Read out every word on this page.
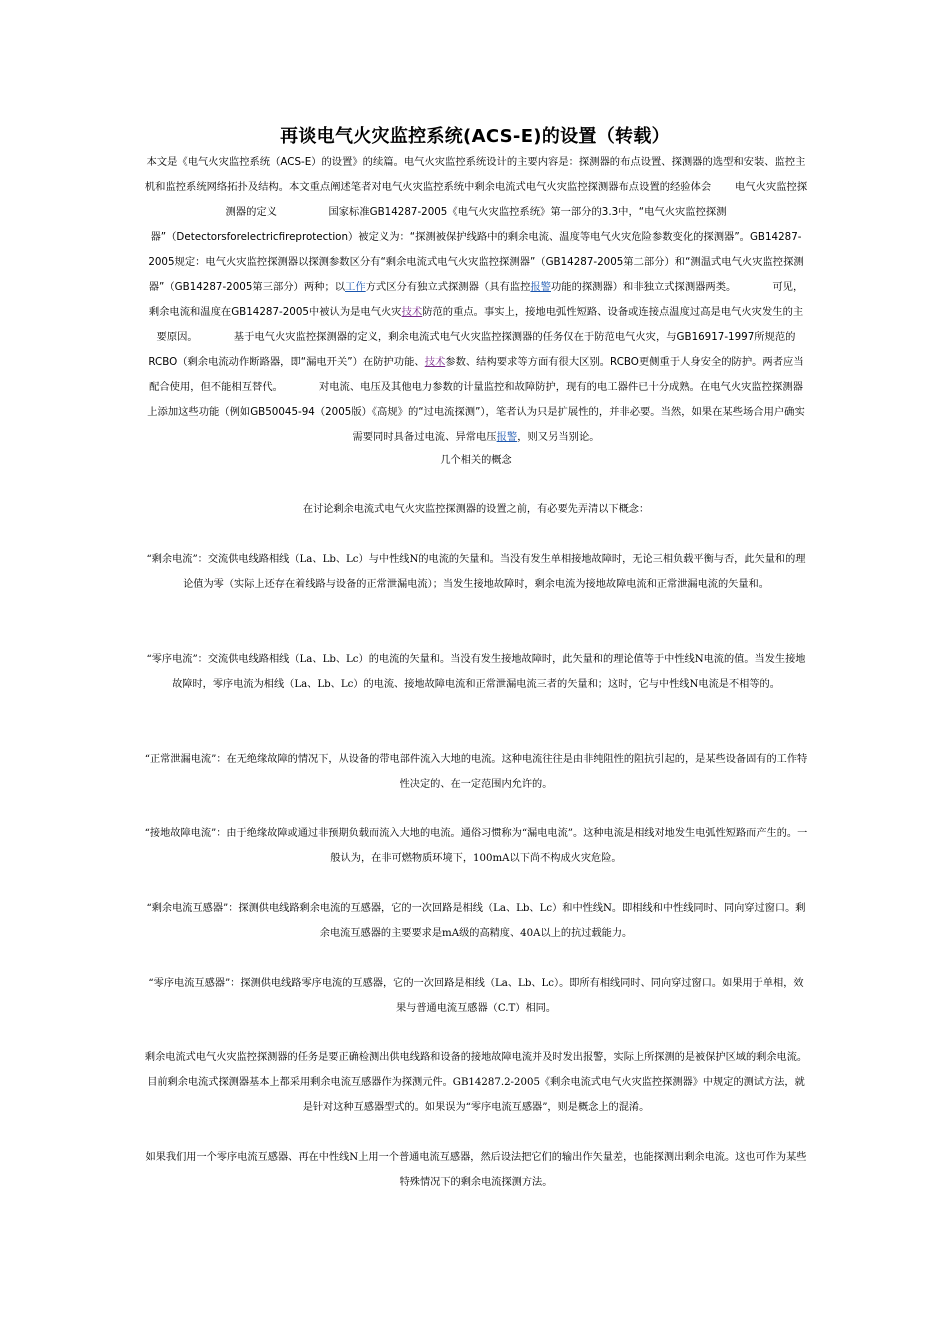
再谈电气火灾监控系统(ACS-E)的设置（转载）
本文是《电气火灾监控系统（ACS-E）的设置》的续篇。电气火灾监控系统设计的主要内容是：探测器的布点设置、探测器的选型和安装、监控主机和监控系统网络拓扑及结构。本文重点阐述笔者对电气火灾监控系统中剩余电流式电气火灾监控探测器布点设置的经验体会 　　电气火灾监控探测器的定义　　　　　国家标准GB14287-2005《电气火灾监控系统》第一部分的3.3中，“电气火灾监控探测器”（Detectorsforelectricfireprotection）被定义为：“探测被保护线路中的剩余电流、温度等电气火灾危险参数变化的探测器”。GB14287-2005规定：电气火灾监控探测器以探测参数区分有“剩余电流式电气火灾监控探测器”（GB14287-2005第二部分）和“测温式电气火灾监控探测器”（GB14287-2005第三部分）两种；以工作方式区分有独立式探测器（具有监控报警功能的探测器）和非独立式探测器两类。　　　　可见，剩余电流和温度在GB14287-2005中被认为是电气火灾技术防范的重点。事实上，接地电弧性短路、设备或连接点温度过高是电气火灾发生的主要原因。　　　　基于电气火灾监控探测器的定义，剩余电流式电气火灾监控探测器的任务仅在于防范电气火灾，与GB16917-1997所规范的RCBO（剩余电流动作断路器，即“漏电开关”）在防护功能、技术参数、结构要求等方面有很大区别。RCBO更侧重于人身安全的防护。两者应当配合使用，但不能相互替代。　　　　对电流、电压及其他电力参数的计量监控和故障防护，现有的电工器件已十分成熟。在电气火灾监控探测器上添加这些功能（例如GB50045-94（2005版）《高规》的“过电流探测”），笔者认为只是扩展性的，并非必要。当然，如果在某些场合用户确实需要同时具备过电流、异常电压报警，则又另当别论。
几个相关的概念
在讨论剩余电流式电气火灾监控探测器的设置之前，有必要先弄清以下概念：
“剩余电流”：交流供电线路相线（La、Lb、Lc）与中性线N的电流的矢量和。当没有发生单相接地故障时，无论三相负载平衡与否，此矢量和的理论值为零（实际上还存在着线路与设备的正常泄漏电流）；当发生接地故障时，剩余电流为接地故障电流和正常泄漏电流的矢量和。
“零序电流”：交流供电线路相线（La、Lb、Lc）的电流的矢量和。当没有发生接地故障时，此矢量和的理论值等于中性线N电流的值。当发生接地故障时，零序电流为相线（La、Lb、Lc）的电流、接地故障电流和正常泄漏电流三者的矢量和；这时，它与中性线N电流是不相等的。
“正常泄漏电流”：在无绝缘故障的情况下，从设备的带电部件流入大地的电流。这种电流往往是由非纯阻性的阻抗引起的，是某些设备固有的工作特性决定的、在一定范围内允许的。
“接地故障电流”：由于绝缘故障或通过非预期负载而流入大地的电流。通俗习惯称为“漏电电流”。这种电流是相线对地发生电弧性短路而产生的。一般认为，在非可燃物质环境下，100mA以下尚不构成火灾危险。
“剩余电流互感器”：探测供电线路剩余电流的互感器，它的一次回路是相线（La、Lb、Lc）和中性线N。即相线和中性线同时、同向穿过窗口。剩余电流互感器的主要要求是mA级的高精度、40A以上的抗过载能力。
“零序电流互感器”：探测供电线路零序电流的互感器，它的一次回路是相线（La、Lb、Lc）。即所有相线同时、同向穿过窗口。如果用于单相，效果与普通电流互感器（C.T）相同。
剩余电流式电气火灾监控探测器的任务是要正确检测出供电线路和设备的接地故障电流并及时发出报警，实际上所探测的是被保护区域的剩余电流。目前剩余电流式探测器基本上都采用剩余电流互感器作为探测元件。GB14287.2-2005《剩余电流式电气火灾监控探测器》中规定的测试方法，就是针对这种互感器型式的。如果误为“零序电流互感器”，则是概念上的混淆。
如果我们用一个零序电流互感器、再在中性线N上用一个普通电流互感器，然后设法把它们的输出作矢量差，也能探测出剩余电流。这也可作为某些特殊情况下的剩余电流探测方法。
